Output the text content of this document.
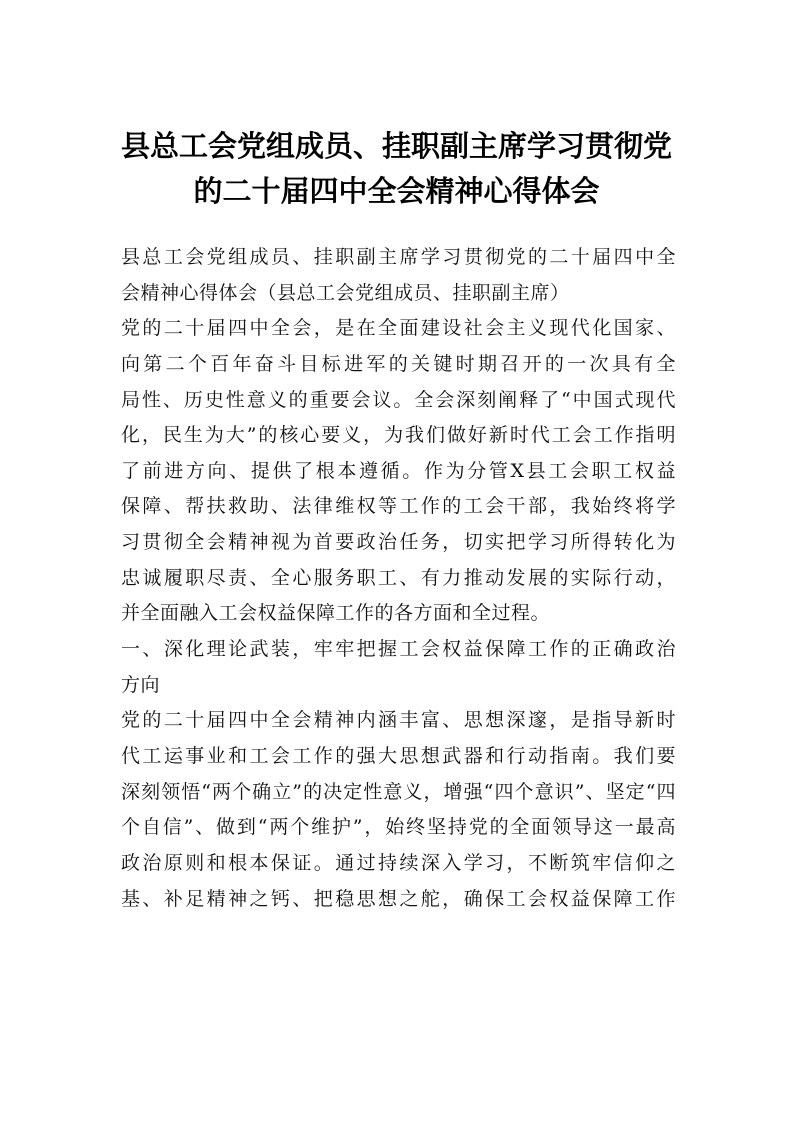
县总工会党组成员、挂职副主席学习贯彻党
的二十届四中全会精神心得体会
县总工会党组成员、挂职副主席学习贯彻党的二十届四中全
会精神心得体会（县总工会党组成员、挂职副主席）
党的二十届四中全会，是在全面建设社会主义现代化国家、
向第二个百年奋斗目标进军的关键时期召开的一次具有全
局性、历史性意义的重要会议。全会深刻阐释了“中国式现代
化，民生为大”的核心要义，为我们做好新时代工会工作指明
了前进方向、提供了根本遵循。作为分管X县工会职工权益
保障、帮扶救助、法律维权等工作的工会干部，我始终将学
习贯彻全会精神视为首要政治任务，切实把学习所得转化为
忠诚履职尽责、全心服务职工、有力推动发展的实际行动，
并全面融入工会权益保障工作的各方面和全过程。
一、深化理论武装，牢牢把握工会权益保障工作的正确政治
方向
党的二十届四中全会精神内涵丰富、思想深邃，是指导新时
代工运事业和工会工作的强大思想武器和行动指南。我们要
深刻领悟“两个确立”的决定性意义，增强“四个意识”、坚定“四
个自信”、做到“两个维护”，始终坚持党的全面领导这一最高
政治原则和根本保证。通过持续深入学习，不断筑牢信仰之
基、补足精神之钙、把稳思想之舵，确保工会权益保障工作
